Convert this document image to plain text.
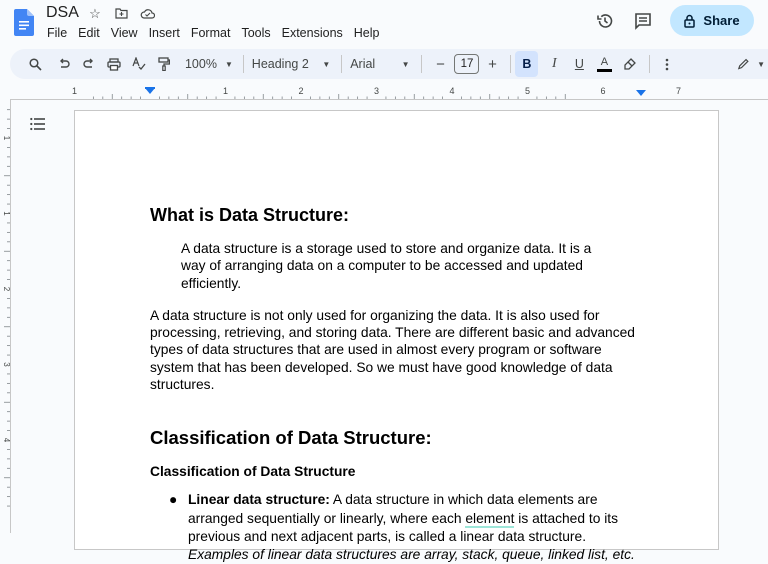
DSA ☆
File Edit View Insert Format Tools Extensions Help
Share
100% ▼ Heading 2 ▼ Arial	▼	−	17 +	B	I	U	A	▼
1	1	2	3	4	5	6	7
1
1
2
3
4
What is Data Structure:
A data structure is a storage used to store and organize data. It is a way of arranging data on a computer to be accessed and updated efficiently.
A data structure is not only used for organizing the data. It is also used for processing, retrieving, and storing data. There are different basic and advanced types of data structures that are used in almost every program or software system that has been developed. So we must have good knowledge of data structures.
Classification of Data Structure:
Classification of Data Structure
● Linear data structure: A data structure in which data elements are arranged sequentially or linearly, where each element is attached to its previous and next adjacent parts, is called a linear data structure.
Examples of linear data structures are array, stack, queue, linked list, etc.
